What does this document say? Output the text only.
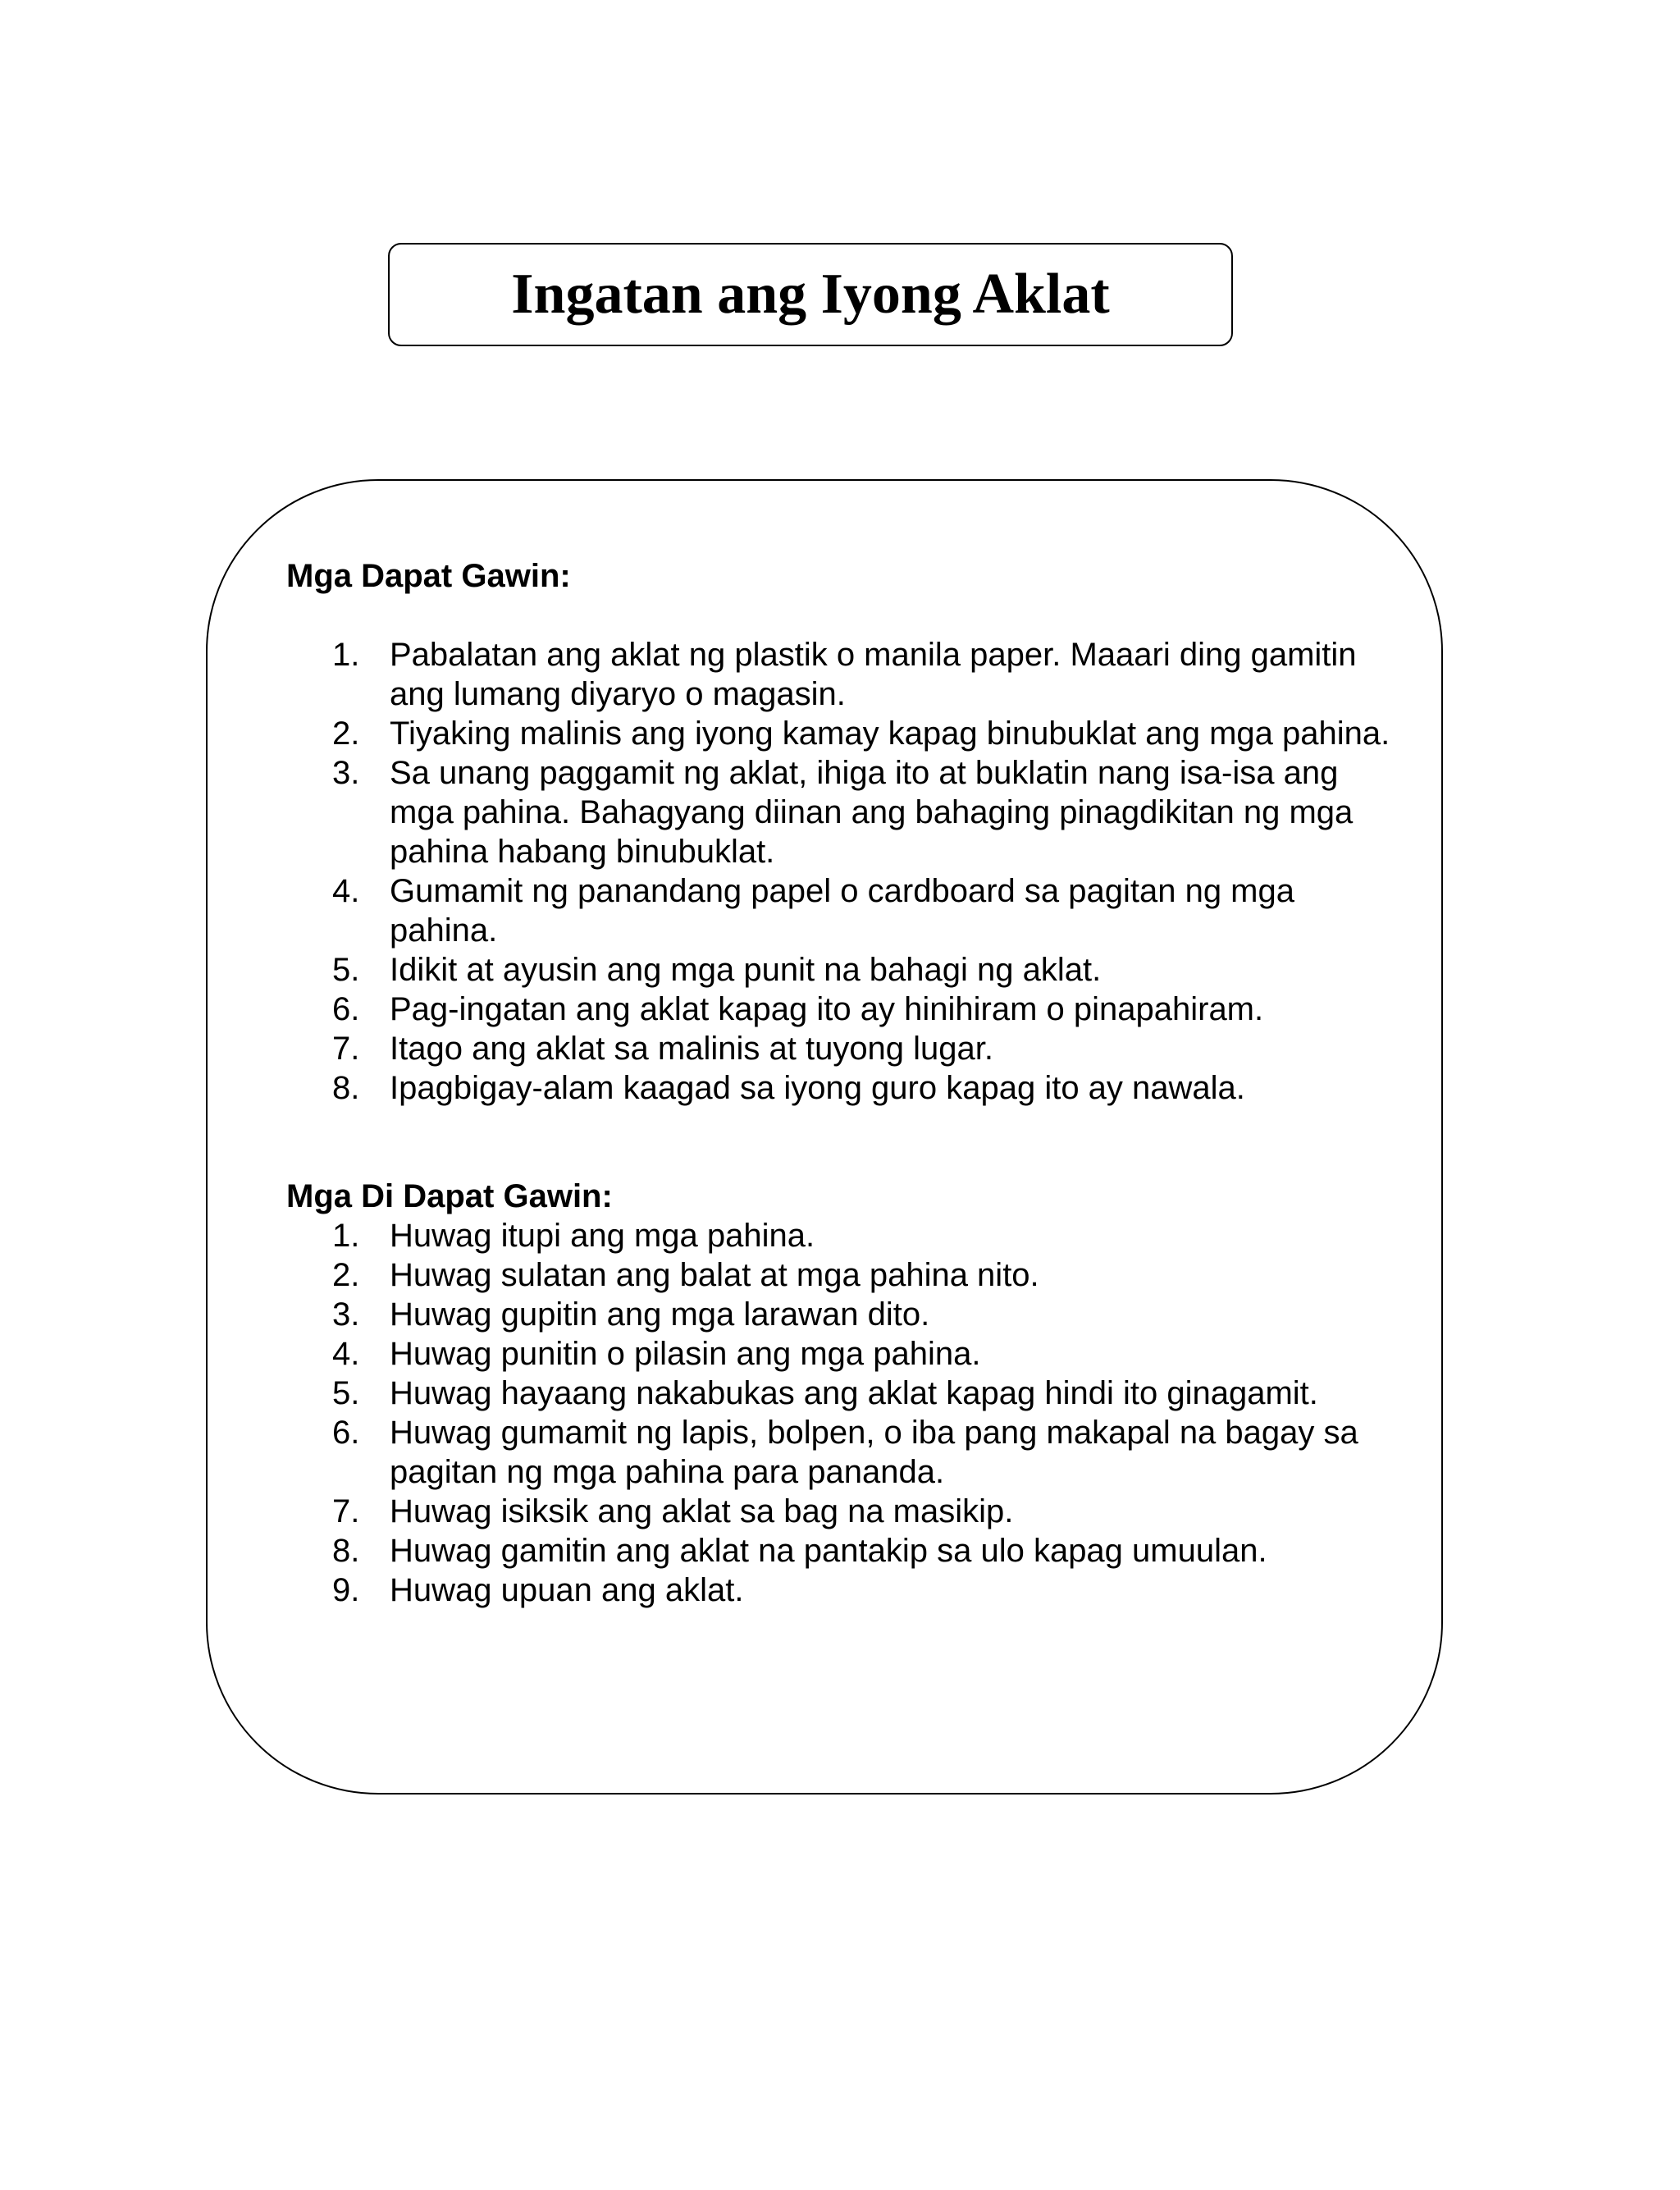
Ingatan ang Iyong Aklat

Mga Dapat Gawin:

1. Pabalatan ang aklat ng plastik o manila paper. Maaari ding gamitin ang lumang diyaryo o magasin.
2. Tiyaking malinis ang iyong kamay kapag binubuklat ang mga pahina.
3. Sa unang paggamit ng aklat, ihiga ito at buklatin nang isa-isa ang mga pahina. Bahagyang diinan ang bahaging pinagdikitan ng mga pahina habang binubuklat.
4. Gumamit ng panandang papel o cardboard sa pagitan ng mga pahina.
5. Idikit at ayusin ang mga punit na bahagi ng aklat.
6. Pag-ingatan ang aklat kapag ito ay hinihiram o pinapahiram.
7. Itago ang aklat sa malinis at tuyong lugar.
8. Ipagbigay-alam kaagad sa iyong guro kapag ito ay nawala.

Mga Di Dapat Gawin:

1. Huwag itupi ang mga pahina.
2. Huwag sulatan ang balat at mga pahina nito.
3. Huwag gupitin ang mga larawan dito.
4. Huwag punitin o pilasin ang mga pahina.
5. Huwag hayaang nakabukas ang aklat kapag hindi ito ginagamit.
6. Huwag gumamit ng lapis, bolpen, o iba pang makapal na bagay sa pagitan ng mga pahina para pananda.
7. Huwag isiksik ang aklat sa bag na masikip.
8. Huwag gamitin ang aklat na pantakip sa ulo kapag umuulan.
9. Huwag upuan ang aklat.
